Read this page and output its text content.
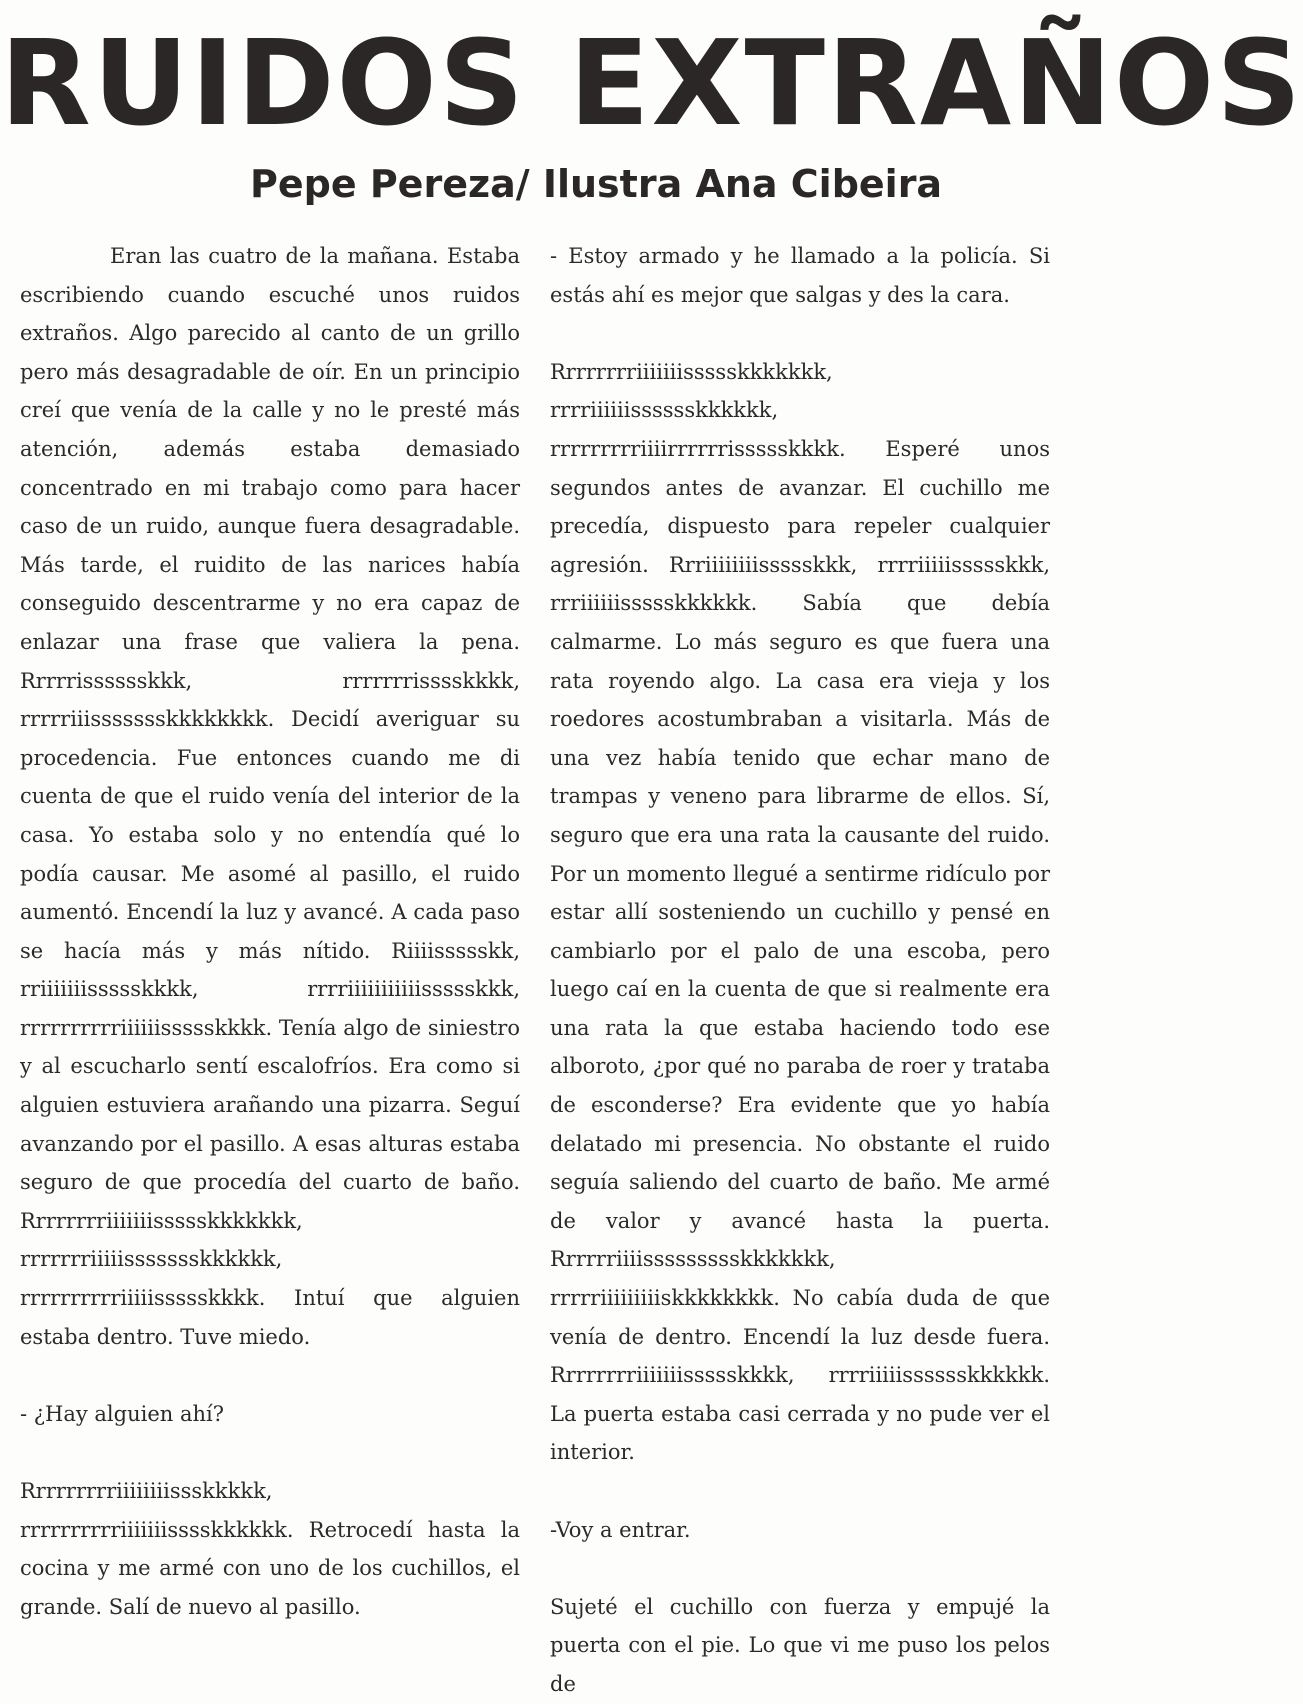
RUIDOS EXTRAÑOS
Pepe Pereza/ Ilustra Ana Cibeira

Eran las cuatro de la mañana. Estaba escribiendo cuando escuché unos ruidos extraños. Algo parecido al canto de un grillo pero más desagradable de oír. En un principio creí que venía de la calle y no le presté más atención, además estaba demasiado concentrado en mi trabajo como para hacer caso de un ruido, aunque fuera desagradable. Más tarde, el ruidito de las narices había conseguido descentrarme y no era capaz de enlazar una frase que valiera la pena. Rrrrrisssssskkk, rrrrrrrisssskkkk, rrrrriiissssssskkkkkkkk. Decidí averiguar su procedencia. Fue entonces cuando me di cuenta de que el ruido venía del interior de la casa. Yo estaba solo y no entendía qué lo podía causar. Me asomé al pasillo, el ruido aumentó. Encendí la luz y avancé. A cada paso se hacía más y más nítido. Riiiissssskk, rriiiiiiissssskkkk, rrrriiiiiiiiiiissssskkk, rrrrrrrrrriiiiiissssskkkk. Tenía algo de siniestro y al escucharlo sentí escalofríos. Era como si alguien estuviera arañando una pizarra. Seguí avanzando por el pasillo. A esas alturas estaba seguro de que procedía del cuarto de baño. Rrrrrrrriiiiiiissssskkkkkkk, rrrrrrriiiiissssssskkkkkk, rrrrrrrrrriiiiissssskkkk. Intuí que alguien estaba dentro. Tuve miedo.

- ¿Hay alguien ahí?

Rrrrrrrrriiiiiiiissskkkkk, rrrrrrrrrriiiiiiisssskkkkkk. Retrocedí hasta la cocina y me armé con uno de los cuchillos, el grande. Salí de nuevo al pasillo.

- Estoy armado y he llamado a la policía. Si estás ahí es mejor que salgas y des la cara.

Rrrrrrrriiiiiiissssskkkkkkk, rrrriiiiiisssssskkkkkk, rrrrrrrrriiiirrrrrrissssskkkk. Esperé unos segundos antes de avanzar. El cuchillo me precedía, dispuesto para repeler cualquier agresión. Rrriiiiiiiissssskkk, rrrriiiiissssskkk, rrriiiiiissssskkkkkk. Sabía que debía calmarme. Lo más seguro es que fuera una rata royendo algo. La casa era vieja y los roedores acostumbraban a visitarla. Más de una vez había tenido que echar mano de trampas y veneno para librarme de ellos. Sí, seguro que era una rata la causante del ruido. Por un momento llegué a sentirme ridículo por estar allí sosteniendo un cuchillo y pensé en cambiarlo por el palo de una escoba, pero luego caí en la cuenta de que si realmente era una rata la que estaba haciendo todo ese alboroto, ¿por qué no paraba de roer y trataba de esconderse? Era evidente que yo había delatado mi presencia. No obstante el ruido seguía saliendo del cuarto de baño. Me armé de valor y avancé hasta la puerta. Rrrrrriiiissssssssskkkkkkk, rrrrriiiiiiiiiskkkkkkkk. No cabía duda de que venía de dentro. Encendí la luz desde fuera. Rrrrrrrriiiiiiissssskkkk, rrrriiiiisssssskkkkkk. La puerta estaba casi cerrada y no pude ver el interior.

-Voy a entrar.

Sujeté el cuchillo con fuerza y empujé la puerta con el pie. Lo que vi me puso los pelos de
